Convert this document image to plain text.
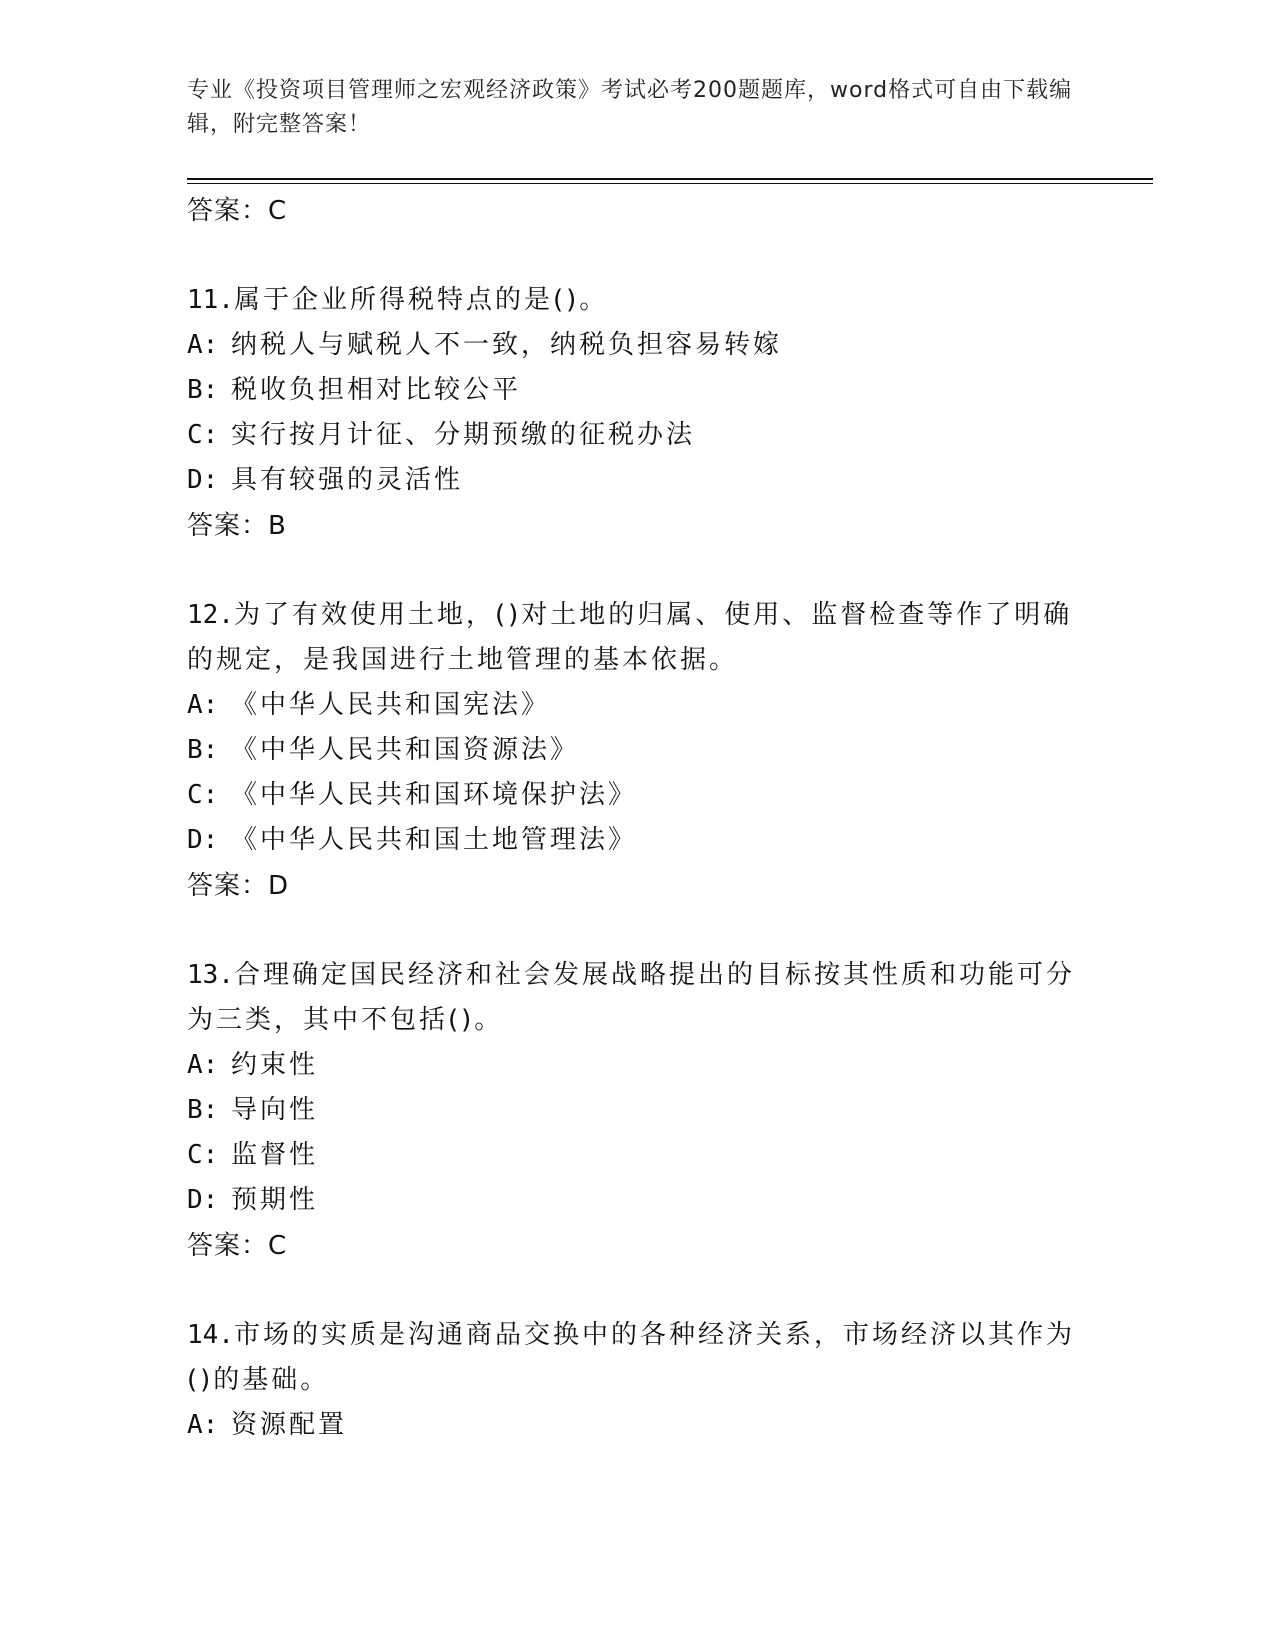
专业《投资项目管理师之宏观经济政策》考试必考200题题库，word格式可自由下载编辑，附完整答案！
答案：C

11.属于企业所得税特点的是()。

A: 纳税人与赋税人不一致，纳税负担容易转嫁
B: 税收负担相对比较公平
C: 实行按月计征、分期预缴的征税办法
D: 具有较强的灵活性
答案：B

12.为了有效使用土地，()对土地的归属、使用、监督检查等作了明确的规定，是我国进行土地管理的基本依据。

A: 《中华人民共和国宪法》
B: 《中华人民共和国资源法》
C: 《中华人民共和国环境保护法》
D: 《中华人民共和国土地管理法》
答案：D

13.合理确定国民经济和社会发展战略提出的目标按其性质和功能可分为三类，其中不包括()。

A: 约束性
B: 导向性
C: 监督性
D: 预期性
答案：C

14.市场的实质是沟通商品交换中的各种经济关系，市场经济以其作为()的基础。

A: 资源配置
